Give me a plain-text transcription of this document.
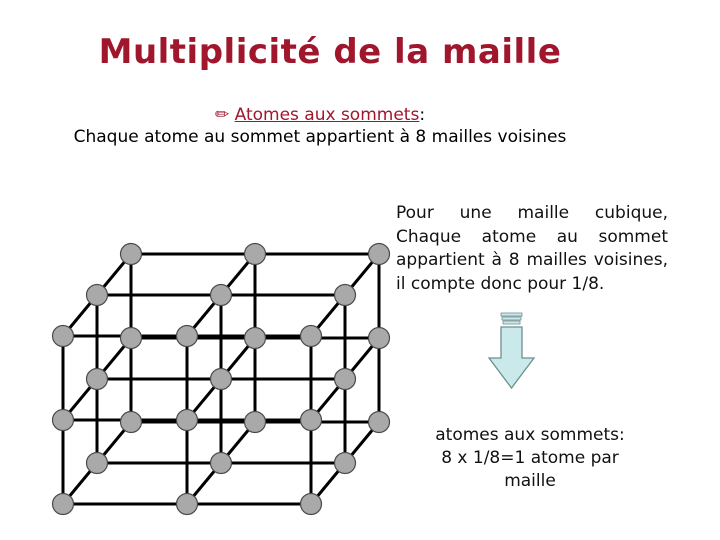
Multiplicité de la maille
✏ Atomes aux sommets:
Chaque atome au sommet appartient à 8 mailles voisines
Pour une maille cubique, Chaque atome au sommet appartient à 8 mailles voisines, il compte donc pour 1/8.
atomes aux sommets:
8 x 1/8=1 atome par
maille
